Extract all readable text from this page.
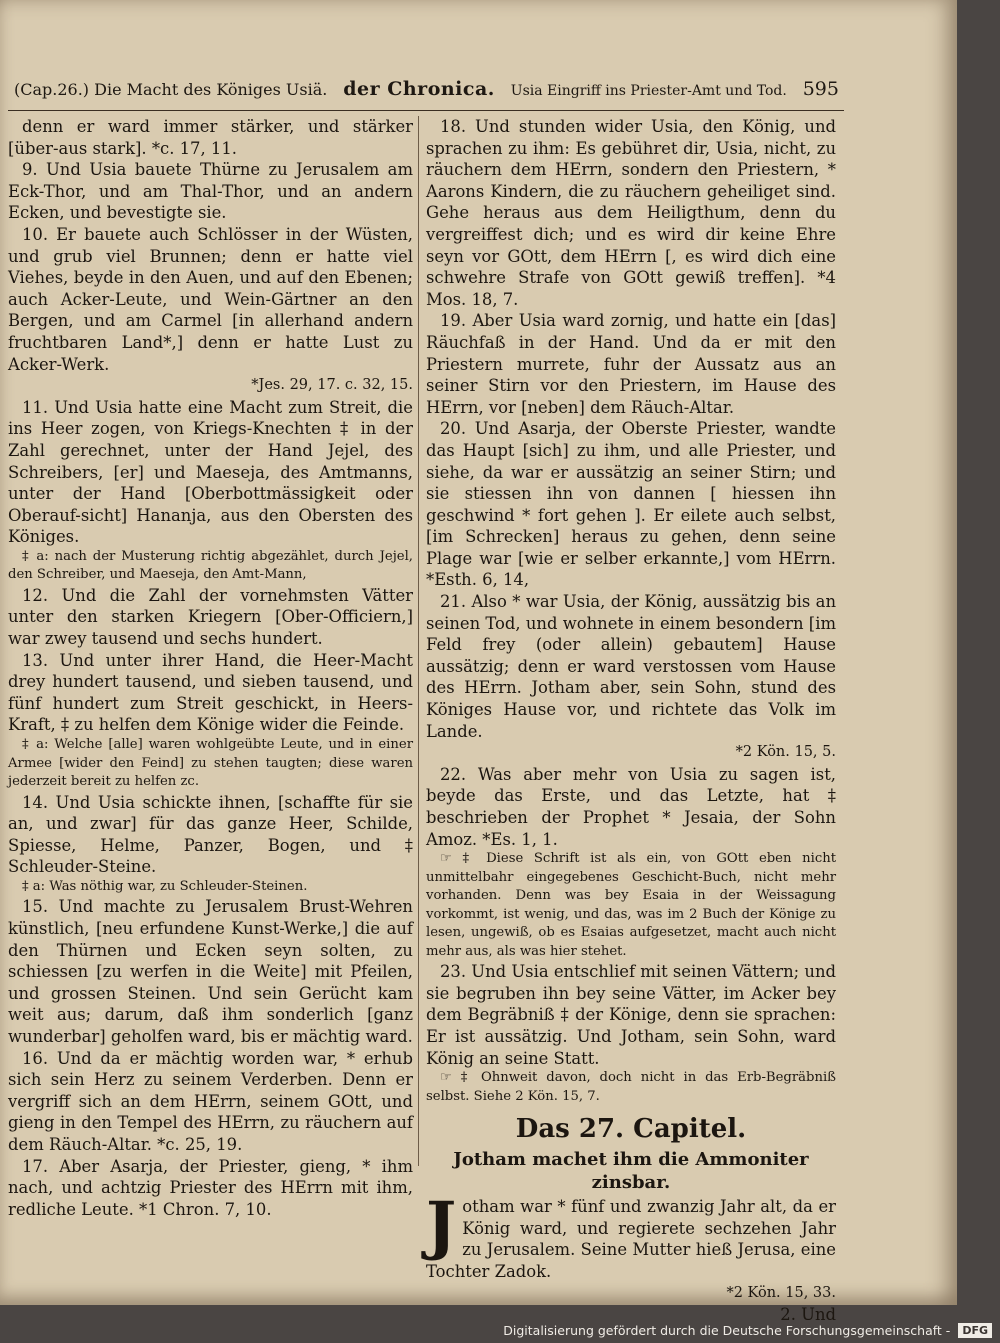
(Cap.26.) Die Macht des Königes Usiä. der Chronica. Usia Eingriff ins Priester-Amt und Tod. 595

denn er ward immer stärker, und stärker [über-aus stark]. *c. 17, 11.

9. Und Usia bauete Thürne zu Jerusalem am Eck-Thor, und am Thal-Thor, und an andern Ecken, und bevestigte sie.

10. Er bauete auch Schlösser in der Wüsten, und grub viel Brunnen; denn er hatte viel Viehes, beyde in den Auen, und auf den Ebenen; auch Acker-Leute, und Wein-Gärtner an den Bergen, und am Carmel [in allerhand andern fruchtbaren Land*,] denn er hatte Lust zu Acker-Werk.

*Jes. 29, 17. c. 32, 15.

11. Und Usia hatte eine Macht zum Streit, die ins Heer zogen, von Kriegs-Knechten ‡ in der Zahl gerechnet, unter der Hand Jejel, des Schreibers, [er] und Maeseja, des Amtmanns, unter der Hand [Oberbottmässigkeit oder Oberauf-sicht] Hananja, aus den Obersten des Königes.

‡ a: nach der Musterung richtig abgezählet, durch Jejel, den Schreiber, und Maeseja, den Amt-Mann,

12. Und die Zahl der vornehmsten Vätter unter den starken Kriegern [Ober-Officiern,] war zwey tausend und sechs hundert.

13. Und unter ihrer Hand, die Heer-Macht drey hundert tausend, und sieben tausend, und fünf hundert zum Streit geschickt, in Heers-Kraft, ‡ zu helfen dem Könige wider die Feinde.

‡ a: Welche [alle] waren wohlgeübte Leute, und in einer Armee [wider den Feind] zu stehen taugten; diese waren jederzeit bereit zu helfen zc.

14. Und Usia schickte ihnen, [schaffte für sie an, und zwar] für das ganze Heer, Schilde, Spiesse, Helme, Panzer, Bogen, und ‡ Schleuder-Steine.

‡ a: Was nöthig war, zu Schleuder-Steinen.

15. Und machte zu Jerusalem Brust-Wehren künstlich, [neu erfundene Kunst-Werke,] die auf den Thürnen und Ecken seyn solten, zu schiessen [zu werfen in die Weite] mit Pfeilen, und grossen Steinen. Und sein Gerücht kam weit aus; darum, daß ihm sonderlich [ganz wunderbar] geholfen ward, bis er mächtig ward.

16. Und da er mächtig worden war, * erhub sich sein Herz zu seinem Verderben. Denn er vergriff sich an dem HErrn, seinem GOtt, und gieng in den Tempel des HErrn, zu räuchern auf dem Räuch-Altar. *c. 25, 19.

17. Aber Asarja, der Priester, gieng, * ihm nach, und achtzig Priester des HErrn mit ihm, redliche Leute. *1 Chron. 7, 10.

18. Und stunden wider Usia, den König, und sprachen zu ihm: Es gebühret dir, Usia, nicht, zu räuchern dem HErrn, sondern den Priestern, * Aarons Kindern, die zu räuchern geheiliget sind. Gehe heraus aus dem Heiligthum, denn du vergreiffest dich; und es wird dir keine Ehre seyn vor GOtt, dem HErrn [, es wird dich eine schwehre Strafe von GOtt gewiß treffen]. *4 Mos. 18, 7.

19. Aber Usia ward zornig, und hatte ein [das] Räuchfaß in der Hand. Und da er mit den Priestern murrete, fuhr der Aussatz aus an seiner Stirn vor den Priestern, im Hause des HErrn, vor [neben] dem Räuch-Altar.

20. Und Asarja, der Oberste Priester, wandte das Haupt [sich] zu ihm, und alle Priester, und siehe, da war er aussätzig an seiner Stirn; und sie stiessen ihn von dannen [ hiessen ihn geschwind * fort gehen ]. Er eilete auch selbst, [im Schrecken] heraus zu gehen, denn seine Plage war [wie er selber erkannte,] vom HErrn. *Esth. 6, 14,

21. Also * war Usia, der König, aussätzig bis an seinen Tod, und wohnete in einem besondern [im Feld frey (oder allein) gebautem] Hause aussätzig; denn er ward verstossen vom Hause des HErrn. Jotham aber, sein Sohn, stund des Königes Hause vor, und richtete das Volk im Lande.

*2 Kön. 15, 5.

22. Was aber mehr von Usia zu sagen ist, beyde das Erste, und das Letzte, hat ‡ beschrieben der Prophet * Jesaia, der Sohn Amoz. *Es. 1, 1.

☞ ‡ Diese Schrift ist als ein, von GOtt eben nicht unmittelbahr eingegebenes Geschicht-Buch, nicht mehr vorhanden. Denn was bey Esaia in der Weissagung vorkommt, ist wenig, und das, was im 2 Buch der Könige zu lesen, ungewiß, ob es Esaias aufgesetzet, macht auch nicht mehr aus, als was hier stehet.

23. Und Usia entschlief mit seinen Vättern; und sie begruben ihn bey seine Vätter, im Acker bey dem Begräbniß ‡ der Könige, denn sie sprachen: Er ist aussätzig. Und Jotham, sein Sohn, ward König an seine Statt.

☞ ‡ Ohnweit davon, doch nicht in das Erb-Begräbniß selbst. Siehe 2 Kön. 15, 7.

Das 27. Capitel.
Jotham machet ihm die Ammoniter zinsbar.

Jotham war * fünf und zwanzig Jahr alt, da er König ward, und regierete sechzehen Jahr zu Jerusalem. Seine Mutter hieß Jerusa, eine Tochter Zadok.

*2 Kön. 15, 33.

2. Und

Digitalisierung gefördert durch die Deutsche Forschungsgemeinschaft -	DFG
